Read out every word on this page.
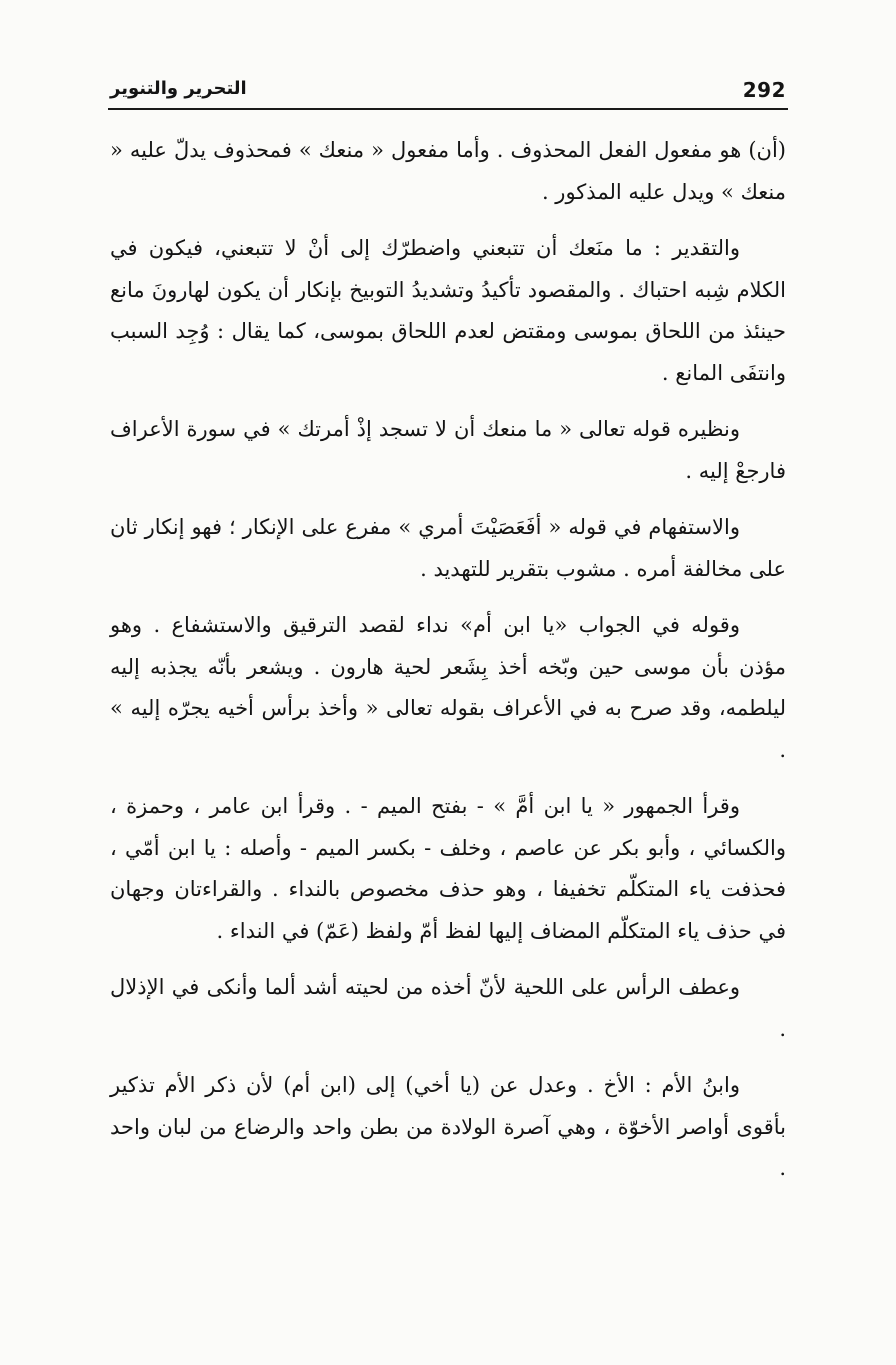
292
التحرير والتنوير

(أن) هو مفعول الفعل المحذوف . وأما مفعول « منعك » فمحذوف يدلّ عليه « منعك » ويدل عليه المذكور .

والتقدير : ما منَعك أن تتبعني واضطرّك إلى أنْ لا تتبعني، فيكون في الكلام شِبه احتباك . والمقصود تأكيدُ وتشديدُ التوبيخ بإنكار أن يكون لهارونَ مانع حينئذ من اللحاق بموسى ومقتض لعدم اللحاق بموسى، كما يقال : وُجِد السبب وانتفَى المانع .

ونظيره قوله تعالى « ما منعك أن لا تسجد إذْ أمرتك » في سورة الأعراف فارجعْ إليه .

والاستفهام في قوله « أفَعَصَيْتَ أمري » مفرع على الإنكار ؛ فهو إنكار ثان على مخالفة أمره . مشوب بتقرير للتهديد .

وقوله في الجواب «يا ابن أم» نداء لقصد الترقيق والاستشفاع . وهو مؤذن بأن موسى حين وبّخه أخذ بِشَعر لحية هارون . ويشعر بأنّه يجذبه إليه ليلطمه، وقد صرح به في الأعراف بقوله تعالى « وأخذ برأس أخيه يجرّه إليه » .

وقرأ الجمهور « يا ابن أمَّ » - بفتح الميم - . وقرأ ابن عامر ، وحمزة ، والكسائي ، وأبو بكر عن عاصم ، وخلف - بكسر الميم - وأصله : يا ابن أمّي ، فحذفت ياء المتكلّم تخفيفا ، وهو حذف مخصوص بالنداء . والقراءتان وجهان في حذف ياء المتكلّم المضاف إليها لفظ أمّ ولفظ (عَمّ) في النداء .

وعطف الرأس على اللحية لأنّ أخذه من لحيته أشد ألما وأنكى في الإذلال .

وابنُ الأم : الأخ . وعدل عن (يا أخي) إلى (ابن أم) لأن ذكر الأم تذكير بأقوى أواصر الأخوّة ، وهي آصرة الولادة من بطن واحد والرضاع من لبان واحد .
